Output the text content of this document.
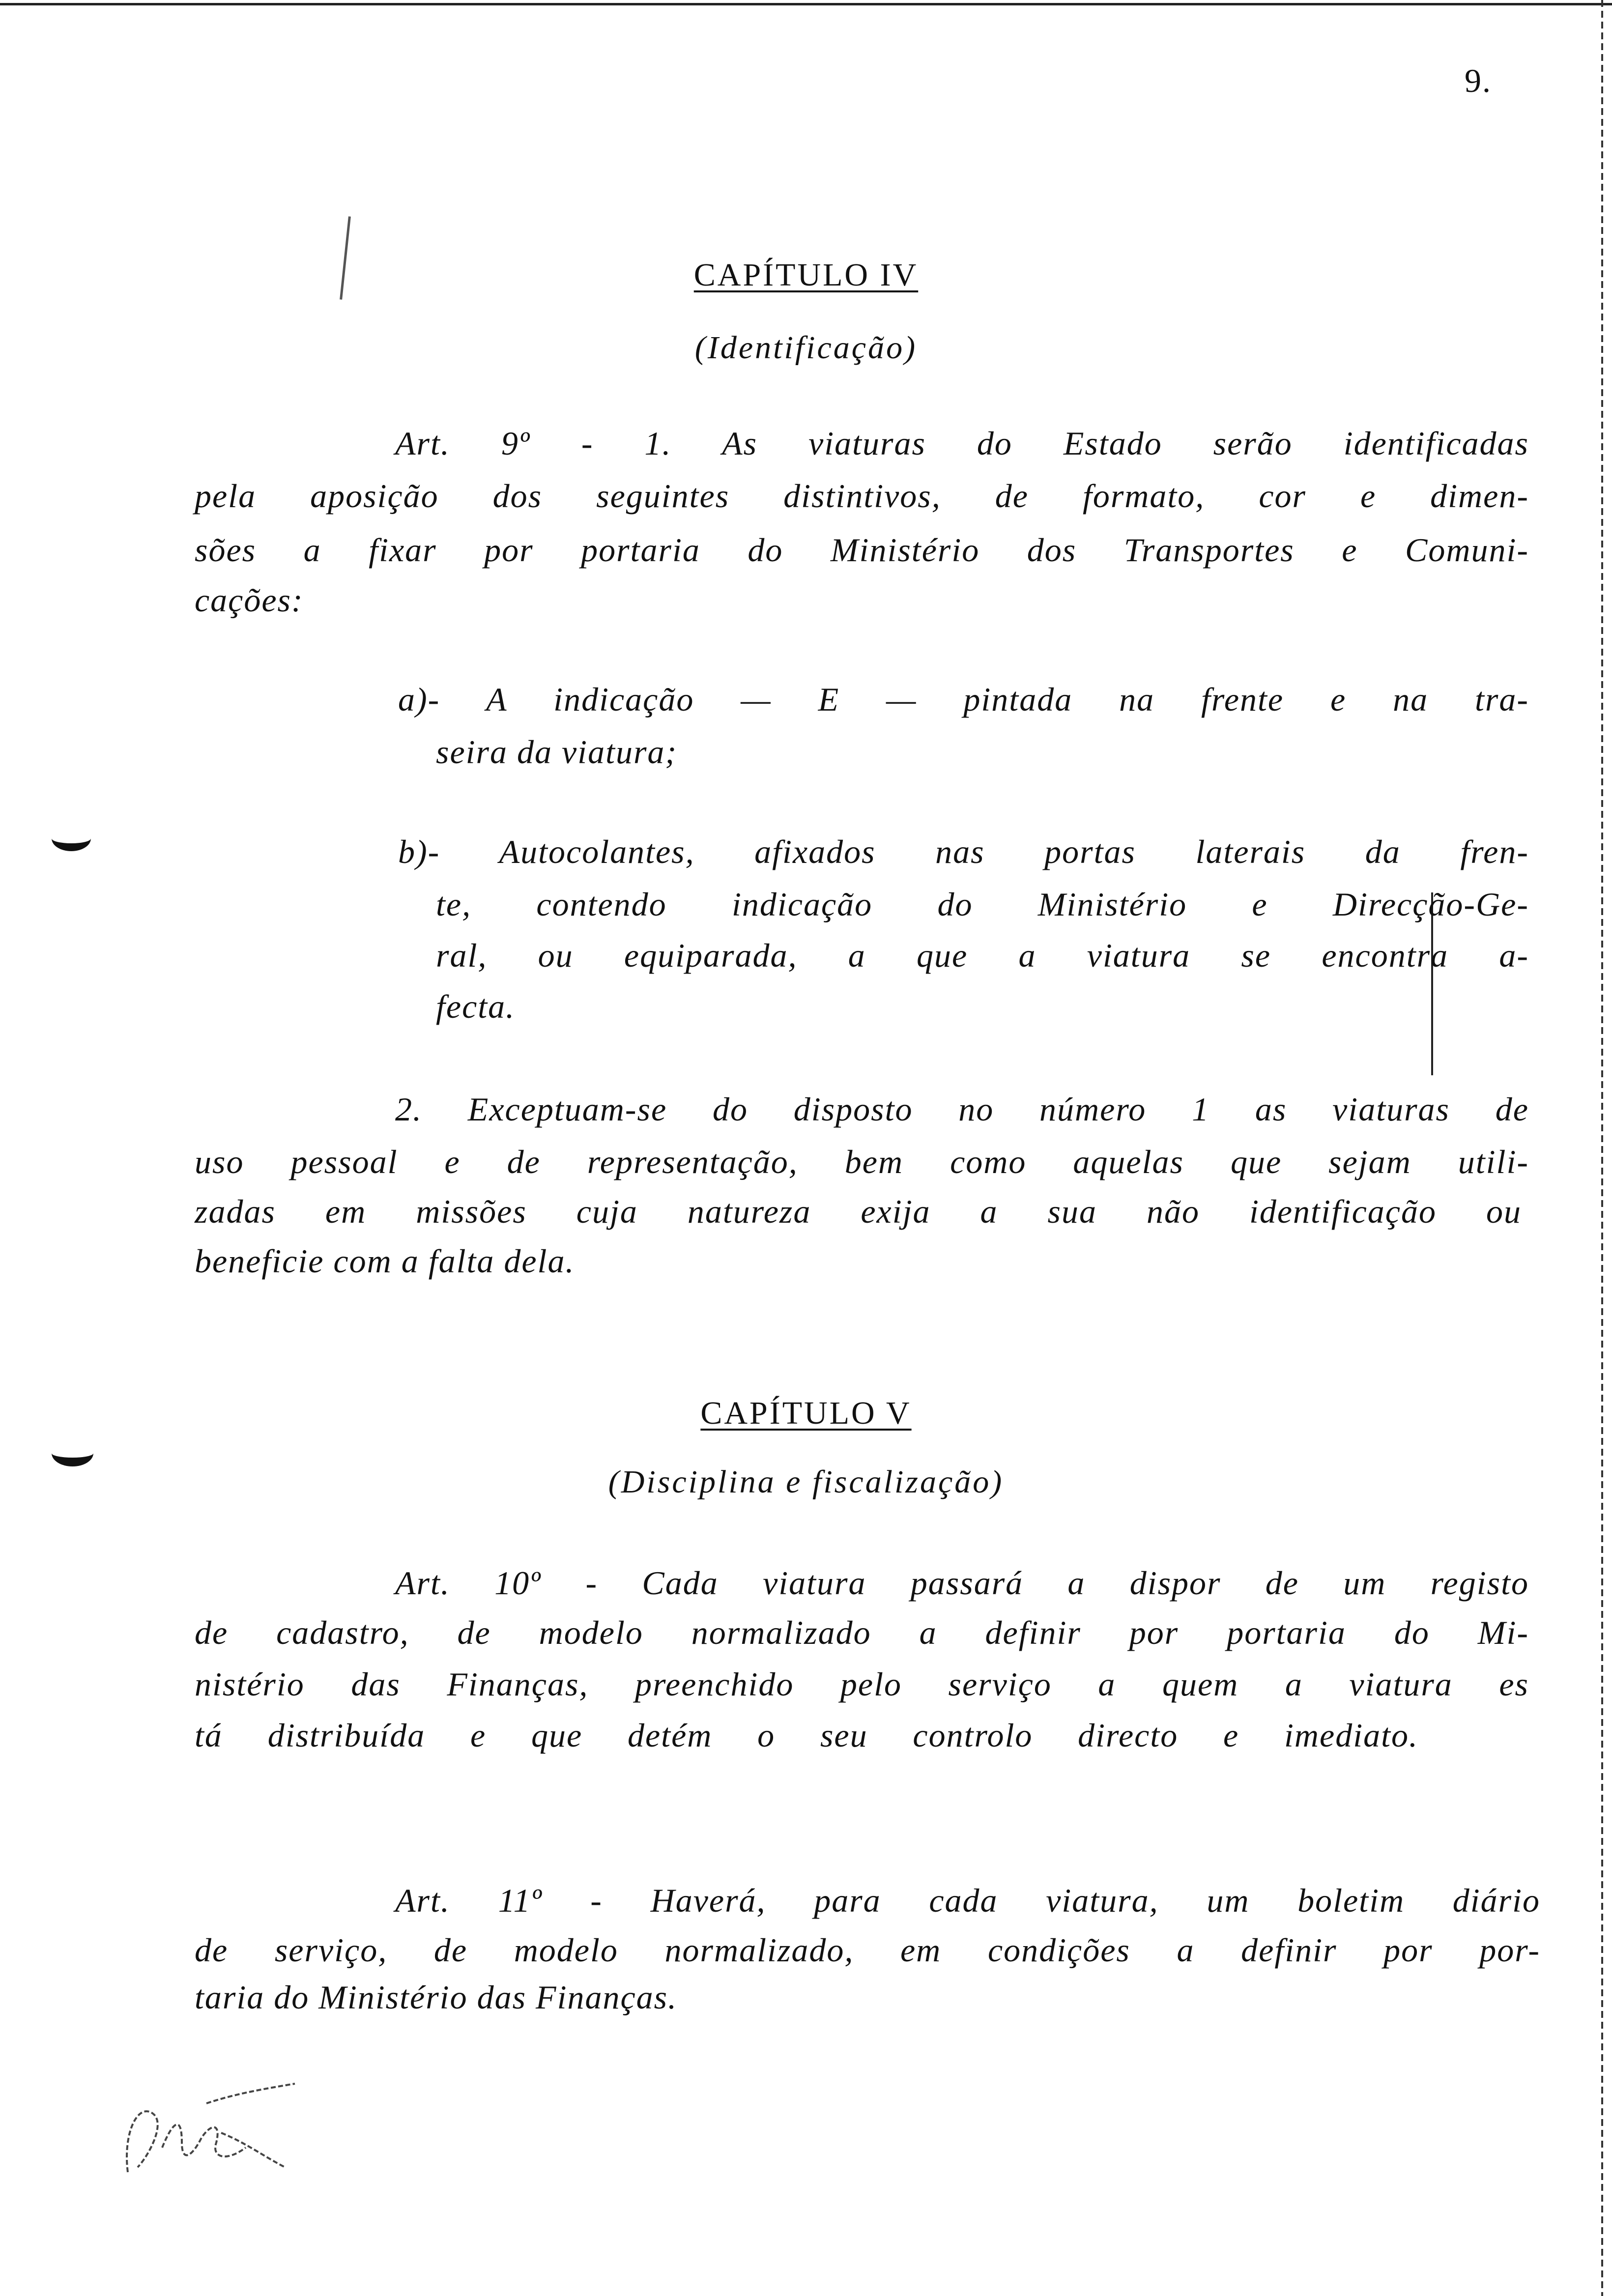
9.
CAPÍTULO IV
(Identificação)
Art. 9º - 1. As viaturas do Estado serão identificadas
pela aposição dos seguintes distintivos, de formato, cor e dimen-
sões a fixar por portaria do Ministério dos Transportes e Comuni-
cações:
a)- A indicação — E — pintada na frente e na tra-
seira da viatura;
b)- Autocolantes, afixados nas portas laterais da fren-
te, contendo indicação do Ministério e Direcção-Ge-
ral, ou equiparada, a que a viatura se encontra a-
fecta.
2. Exceptuam-se do disposto no número 1 as viaturas de
uso pessoal e de representação, bem como aquelas que sejam utili-
zadas em missões cuja natureza exija a sua não identificação ou
beneficie com a falta dela.
CAPÍTULO V
(Disciplina e fiscalização)
Art. 10º - Cada viatura passará a dispor de um registo
de cadastro, de modelo normalizado a definir por portaria do Mi-
nistério das Finanças, preenchido pelo serviço a quem a viatura es
tá distribuída e que detém o seu controlo directo e imediato.
Art. 11º - Haverá, para cada viatura, um boletim diário
de serviço, de modelo normalizado, em condições a definir por por-
taria do Ministério das Finanças.
